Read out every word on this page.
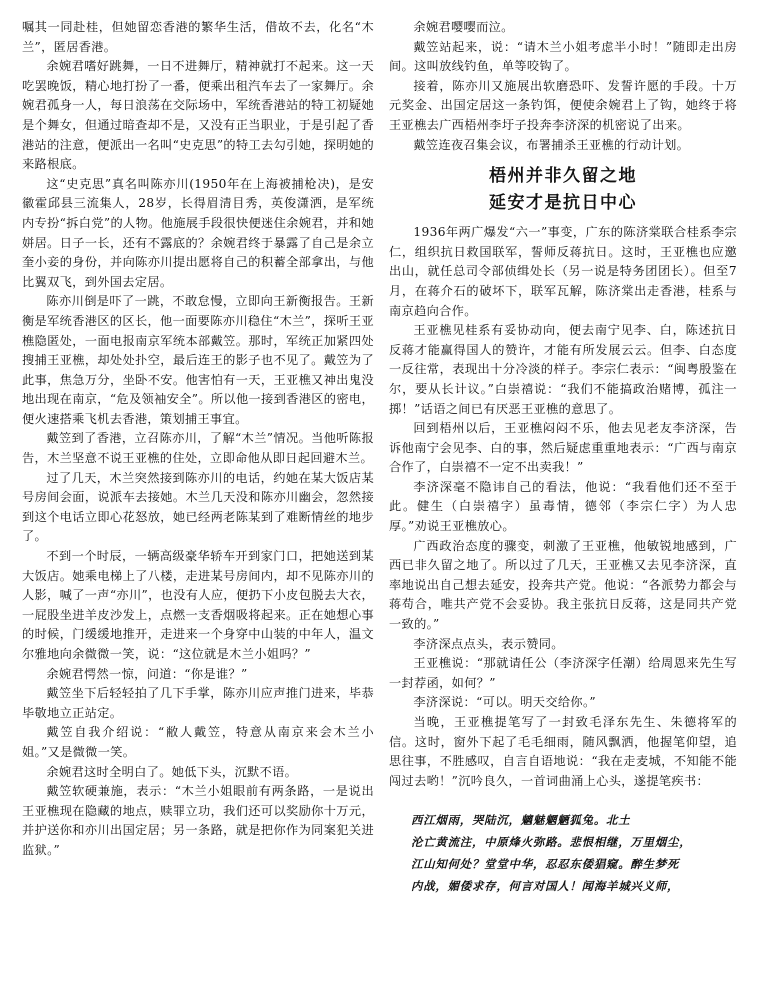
嘱其一同赴桂，但她留恋香港的繁华生活，借故不去，化名“木兰”，匿居香港。

余婉君嗜好跳舞，一日不进舞厅，精神就打不起来。这一天吃罢晚饭，精心地打扮了一番，便乘出租汽车去了一家舞厅。余婉君孤身一人，每日浪荡在交际场中，军统香港站的特工初疑她是个舞女，但通过暗查却不是，又没有正当职业，于是引起了香港站的注意，便派出一名叫“史克思”的特工去勾引她，探明她的来路根底。

这“史克思”真名叫陈亦川(1950年在上海被捕枪决)，是安徽霍邱县三流集人，28岁，长得眉清目秀，英俊潇洒，是军统内专扮“拆白党”的人物。他施展手段很快便迷住余婉君，并和她姘居。日子一长，还有不露底的？余婉君终于暴露了自己是余立奎小妾的身份，并向陈亦川提出愿将自己的积蓄全部拿出，与他比翼双飞，到外国去定居。

陈亦川倒是吓了一跳，不敢怠慢，立即向王新衡报告。王新衡是军统香港区的区长，他一面要陈亦川稳住“木兰”，探听王亚樵隐匿处，一面电报南京军统本部戴笠。那时，军统正加紧四处搜捕王亚樵，却处处扑空，最后连王的影子也不见了。戴笠为了此事，焦急万分，坐卧不安。他害怕有一天，王亚樵又神出鬼没地出现在南京，“危及领袖安全”。所以他一接到香港区的密电，便火速搭乘飞机去香港，策划捕王事宜。

戴笠到了香港，立召陈亦川，了解“木兰”情况。当他听陈报告，木兰坚意不说王亚樵的住处，立即命他从即日起回避木兰。

过了几天，木兰突然接到陈亦川的电话，约她在某大饭店某号房间会面，说派车去接她。木兰几天没和陈亦川幽会，忽然接到这个电话立即心花怒放，她已经两老陈某到了难断情丝的地步了。

不到一个时辰，一辆高级豪华轿车开到家门口，把她送到某大饭店。她乘电梯上了八楼，走进某号房间内，却不见陈亦川的人影，喊了一声“亦川”，也没有人应，便扔下小皮包脱去大衣，一屁股坐进羊皮沙发上，点燃一支香烟吸将起来。正在她想心事的时候，门缓缓地推开，走进来一个身穿中山装的中年人，温文尔雅地向余微微一笑，说：“这位就是木兰小姐吗？”

余婉君愕然一惊，问道：“你是谁？”

戴笠坐下后轻轻拍了几下手掌，陈亦川应声推门进来，毕恭毕敬地立正站定。

戴笠自我介绍说：“敝人戴笠，特意从南京来会木兰小姐。”又是微微一笑。

余婉君这时全明白了。她低下头，沉默不语。

戴笠软硬兼施，表示：“木兰小姐眼前有两条路，一是说出王亚樵现在隐藏的地点，赎罪立功，我们还可以奖励你十万元，并护送你和亦川出国定居；另一条路，就是把你作为同案犯关进监狱。”

余婉君嘤嘤而泣。

戴笠站起来，说：“请木兰小姐考虑半小时！”随即走出房间。这叫放线钓鱼，单等咬钩了。

接着，陈亦川又施展出软磨恐吓、发誓许愿的手段。十万元奖金、出国定居这一条钓饵，便使余婉君上了钩，她终于将王亚樵去广西梧州李圩子投奔李济深的机密说了出来。

戴笠连夜召集会议，布署捕杀王亚樵的行动计划。

梧州并非久留之地
延安才是抗日中心

1936年两广爆发“六一”事变，广东的陈济棠联合桂系李宗仁，组织抗日救国联军，誓师反蒋抗日。这时，王亚樵也应邀出山，就任总司令部侦缉处长（另一说是特务团团长）。但至7月，在蒋介石的破坏下，联军瓦解，陈济棠出走香港，桂系与南京趋向合作。

王亚樵见桂系有妥协动向，便去南宁见李、白，陈述抗日反蒋才能赢得国人的赞许，才能有所发展云云。但李、白态度一反往常，表现出十分冷淡的样子。李宗仁表示：“闽粤殷鉴在尔，要从长计议。”白崇禧说：“我们不能搞政治赌博，孤注一掷！”话语之间已有厌恶王亚樵的意思了。

回到梧州以后，王亚樵闷闷不乐，他去见老友李济深，告诉他南宁会见李、白的事，然后疑虑重重地表示：“广西与南京合作了，白崇禧不一定不出卖我！”

李济深毫不隐讳自己的看法，他说：“我看他们还不至于此。健生（白崇禧字）虽毒情，德邻（李宗仁字）为人忠厚。”劝说王亚樵放心。

广西政治态度的骤变，刺激了王亚樵，他敏锐地感到，广西已非久留之地了。所以过了几天，王亚樵又去见李济深，直率地说出自己想去延安，投奔共产党。他说：“各派势力都会与蒋苟合，唯共产党不会妥协。我主张抗日反蒋，这是同共产党一致的。”

李济深点点头，表示赞同。

王亚樵说：“那就请任公（李济深字任潮）给周恩来先生写一封荐函，如何？”

李济深说：“可以。明天交给你。”

当晚，王亚樵提笔写了一封致毛泽东先生、朱德将军的信。这时，窗外下起了毛毛细雨，随风飘洒，他握笔仰望，追思往事，不胜感叹，自言自语地说：“我在走麦城，不知能不能闯过去哟！”沉吟良久，一首词曲涌上心头，遂提笔疾书：

西江烟雨，哭陆沉，魑魅魍魉狐兔。北土
沦亡黄流注，中原烽火弥路。悲恨相继，万里烟尘，
江山知何处？堂堂中华，忍忍东倭猖窥。醉生梦死
内战，媚倭求存，何言对国人！闻海羊城兴义师，
